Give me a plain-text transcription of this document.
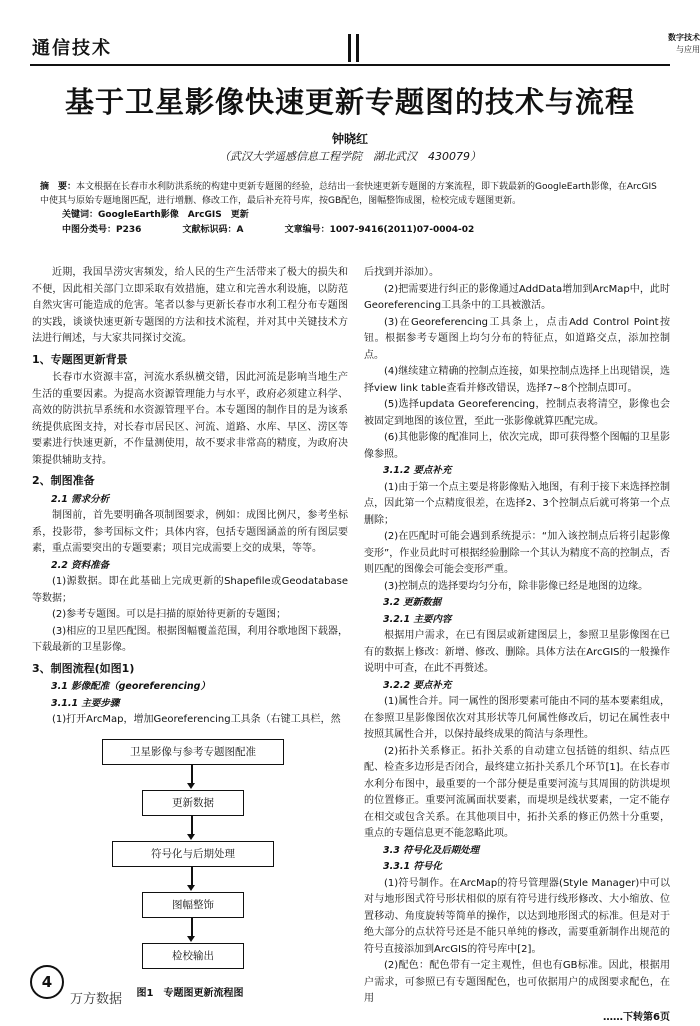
通信技术
数字技术
与应用
基于卫星影像快速更新专题图的技术与流程
钟晓红
（武汉大学遥感信息工程学院　湖北武汉　430079）
摘　要：本文根据在长春市水利防洪系统的构建中更新专题图的经验，总结出一套快速更新专题图的方案流程，即下载最新的GoogleEarth影像，在ArcGIS中使其与原始专题地图匹配，进行增删、修改工作，最后补充符号库，按GB配色，图幅整饰成图，检校完成专题图更新。
关键词：GoogleEarth影像　ArcGIS　更新
中图分类号：P236	文献标识码：A	文章编号：1007-9416(2011)07-0004-02

近期，我国旱涝灾害频发，给人民的生产生活带来了极大的损失和不便，因此相关部门立即采取有效措施，建立和完善水利设施，以防范自然灾害可能造成的危害。笔者以参与更新长春市水利工程分布专题图的实践，谈谈快速更新专题图的方法和技术流程，并对其中关键技术方法进行阐述，与大家共同探讨交流。

1、专题图更新背景

长春市水资源丰富，河流水系纵横交错，因此河流是影响当地生产生活的重要因素。为提高水资源管理能力与水平，政府必须建立科学、高效的防洪抗旱系统和水资源管理平台。本专题图的制作目的是为该系统提供底图支持，对长春市居民区、河流、道路、水库、早区、涝区等要素进行快速更新，不作量测使用，故不要求非常高的精度，为政府决策提供辅助支持。

2、制图准备
2.1 需求分析

制图前，首先要明确各项制图要求，例如：成图比例尺，参考坐标系，投影带，参考国标文件；具体内容，包括专题图涵盖的所有图层要素，重点需要突出的专题要素；项目完成需要上交的成果，等等。

2.2 资料准备

(1)源数据。即在此基础上完成更新的Shapefile或Geodatabase等数据；

(2)参考专题图。可以是扫描的原始待更新的专题图；

(3)相应的卫星匹配图。根据图幅覆盖范围，利用谷歌地图下载器，下载最新的卫星影像。

3、制图流程(如图1)
3.1 影像配准（georeferencing）
3.1.1 主要步骤

(1)打开ArcMap，增加Georeferencing工具条（右键工具栏，然

卫星影像与参考专题图配准
更新数据
符号化与后期处理
图幅整饰
检校输出
图1　专题图更新流程图

后找到并添加）。

(2)把需要进行纠正的影像通过AddData增加到ArcMap中，此时Georeferencing工具条中的工具被激活。

(3)在Georeferencing工具条上，点击Add Control Point按钮。根据参考专题图上均匀分布的特征点，如道路交点，添加控制点。

(4)继续建立精确的控制点连接，如果控制点选择上出现错误，选择view link table查看并修改错误，选择7~8个控制点即可。

(5)选择updata Georeferencing，控制点表将清空，影像也会被固定到地图的该位置，至此一张影像就算匹配完成。

(6)其他影像的配准同上，依次完成，即可获得整个图幅的卫星影像参照。

3.1.2 要点补充

(1)由于第一个点主要是将影像贴入地图，有利于接下来选择控制点，因此第一个点精度很差，在选择2、3个控制点后就可将第一个点删除；

(2)在匹配时可能会遇到系统提示：“加入该控制点后将引起影像变形”，作业员此时可根据经验删除一个其认为精度不高的控制点，否则匹配的图像会可能会变形严重。

(3)控制点的选择要均匀分布，除非影像已经是地图的边缘。

3.2 更新数据
3.2.1 主要内容

根据用户需求，在已有图层或新建图层上，参照卫星影像图在已有的数据上修改：新增、修改、删除。具体方法在ArcGIS的一般操作说明中可查，在此不再赘述。

3.2.2 要点补充

(1)属性合并。同一属性的图形要素可能由不同的基本要素组成，在参照卫星影像图依次对其形状等几何属性修改后，切记在属性表中按照其属性合并，以保持最终成果的简洁与条理性。

(2)拓扑关系修正。拓扑关系的自动建立包括链的组织、结点匹配、检查多边形是否闭合，最终建立拓扑关系几个环节[1]。在长春市水利分布图中，最重要的一个部分便是重要河流与其周围的防洪堤坝的位置修正。重要河流属面状要素，而堤坝是线状要素，一定不能存在相交或包含关系。在其他项目中，拓扑关系的修正仍然十分重要，重点的专题信息更不能忽略此项。

3.3 符号化及后期处理
3.3.1 符号化

(1)符号制作。在ArcMap的符号管理器(Style Manager)中可以对与地形图式符号形状相似的原有符号进行线形修改、大小缩放、位置移动、角度旋转等简单的操作，以达到地形图式的标准。但是对于绝大部分的点状符号还是不能只单纯的修改，需要重新制作出规范的符号直接添加到ArcGIS的符号库中[2]。

(2)配色：配色带有一定主观性，但也有GB标准。因此，根据用户需求，可参照已有专题图配色，也可依据用户的成图要求配色，在用

……下转第6页
4
万方数据
